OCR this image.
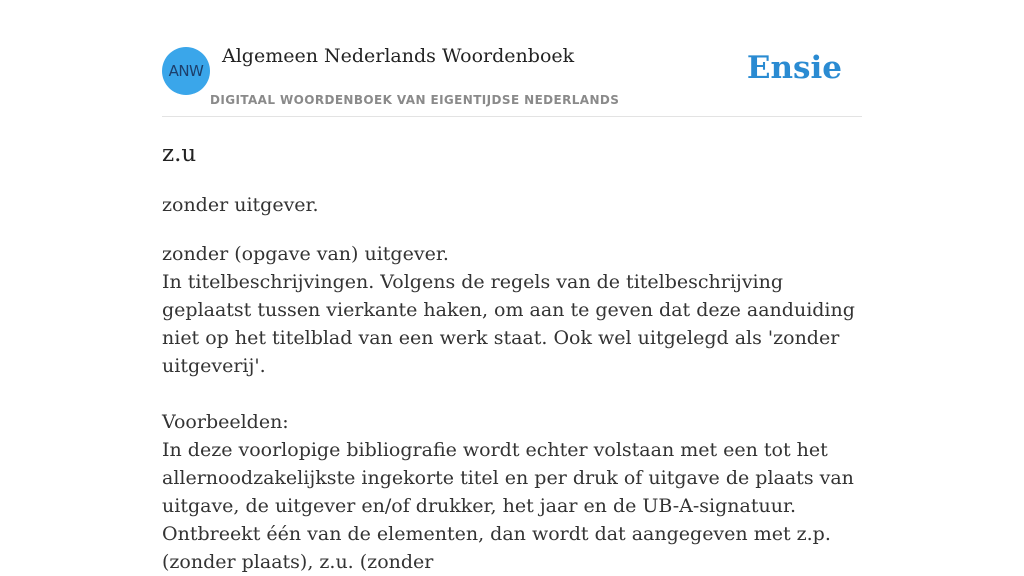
ANW
Algemeen Nederlands Woordenboek
DIGITAAL WOORDENBOEK VAN EIGENTIJDSE NEDERLANDS
Ensie
z.u
zonder uitgever.

zonder (opgave van) uitgever.

In titelbeschrijvingen. Volgens de regels van de titelbeschrijving geplaatst tussen vierkante haken, om aan te geven dat deze aanduiding niet op het titelblad van een werk staat. Ook wel uitgelegd als 'zonder uitgeverij'.

Voorbeelden:

In deze voorlopige bibliografie wordt echter volstaan met een tot het allernoodzakelijkste ingekorte titel en per druk of uitgave de plaats van uitgave, de uitgever en/of drukker, het jaar en de UB-A-signatuur. Ontbreekt één van de elementen, dan wordt dat aangegeven met z.p. (zonder plaats), z.u. (zonder
